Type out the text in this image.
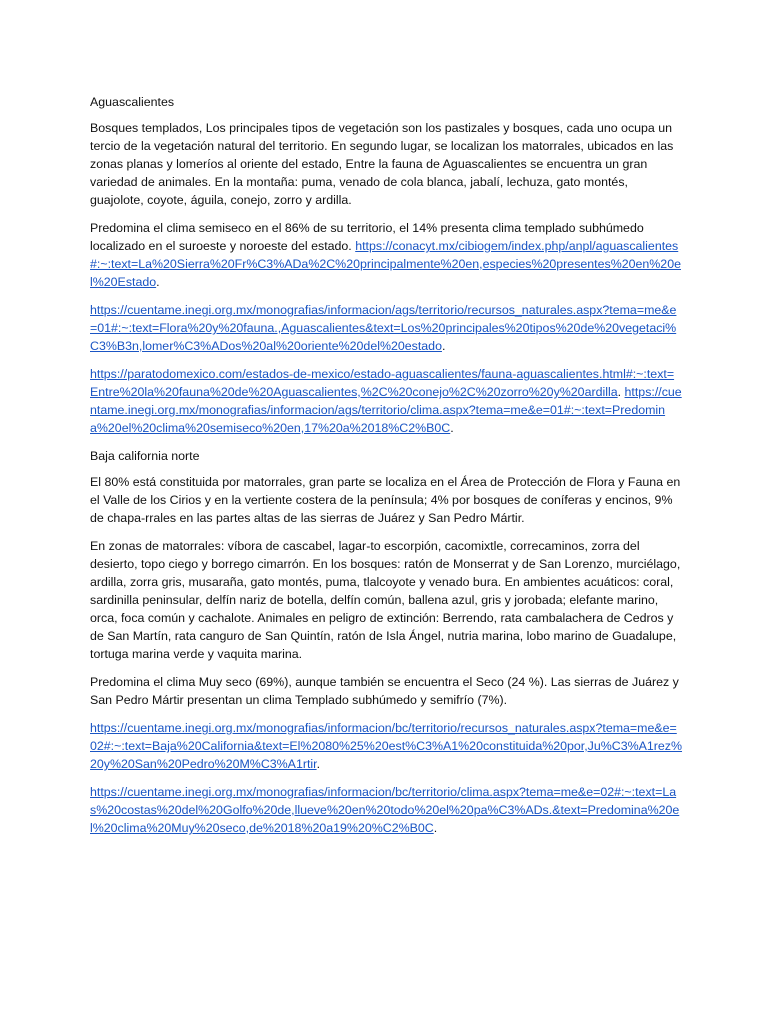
Aguascalientes

Bosques templados, Los principales tipos de vegetación son los pastizales y bosques, cada uno ocupa un tercio de la vegetación natural del territorio. En segundo lugar, se localizan los matorrales, ubicados en las zonas planas y lomeríos al oriente del estado, Entre la fauna de Aguascalientes se encuentra un gran variedad de animales. En la montaña: puma, venado de cola blanca, jabalí, lechuza, gato montés, guajolote, coyote, águila, conejo, zorro y ardilla.

Predomina el clima semiseco en el 86% de su territorio, el 14% presenta clima templado subhúmedo localizado en el suroeste y noroeste del estado. https://conacyt.mx/cibiogem/index.php/anpl/aguascalientes#:~:text=La%20Sierra%20Fr%C3%ADa%2C%20principalmente%20en,especies%20presentes%20en%20el%20Estado.

https://cuentame.inegi.org.mx/monografias/informacion/ags/territorio/recursos_naturales.aspx?tema=me&e=01#:~:text=Flora%20y%20fauna.,Aguascalientes&text=Los%20principales%20tipos%20de%20vegetaci%C3%B3n,lomer%C3%ADos%20al%20oriente%20del%20estado.

https://paratodomexico.com/estados-de-mexico/estado-aguascalientes/fauna-aguascalientes.html#:~:text=Entre%20la%20fauna%20de%20Aguascalientes,%2C%20conejo%2C%20zorro%20y%20ardilla. https://cuentame.inegi.org.mx/monografias/informacion/ags/territorio/clima.aspx?tema=me&e=01#:~:text=Predomina%20el%20clima%20semiseco%20en,17%20a%2018%C2%B0C.

Baja california norte

El 80% está constituida por matorrales, gran parte se localiza en el Área de Protección de Flora y Fauna en el Valle de los Cirios y en la vertiente costera de la península; 4% por bosques de coníferas y encinos, 9% de chapa-rrales en las partes altas de las sierras de Juárez y San Pedro Mártir.

En zonas de matorrales: víbora de cascabel, lagar-to escorpión, cacomixtle, correcaminos, zorra del desierto, topo ciego y borrego cimarrón. En los bosques: ratón de Monserrat y de San Lorenzo, murciélago, ardilla, zorra gris, musaraña, gato montés, puma, tlalcoyote y venado bura. En ambientes acuáticos: coral, sardinilla peninsular, delfín nariz de botella, delfín común, ballena azul, gris y jorobada; elefante marino, orca, foca común y cachalote. Animales en peligro de extinción: Berrendo, rata cambalachera de Cedros y de San Martín, rata canguro de San Quintín, ratón de Isla Ángel, nutria marina, lobo marino de Guadalupe, tortuga marina verde y vaquita marina.

Predomina el clima Muy seco (69%), aunque también se encuentra el Seco (24 %). Las sierras de Juárez y San Pedro Mártir presentan un clima Templado subhúmedo y semifrío (7%).

https://cuentame.inegi.org.mx/monografias/informacion/bc/territorio/recursos_naturales.aspx?tema=me&e=02#:~:text=Baja%20California&text=El%2080%25%20est%C3%A1%20constituida%20por,Ju%C3%A1rez%20y%20San%20Pedro%20M%C3%A1rtir.

https://cuentame.inegi.org.mx/monografias/informacion/bc/territorio/clima.aspx?tema=me&e=02#:~:text=Las%20costas%20del%20Golfo%20de,llueve%20en%20todo%20el%20pa%C3%ADs.&text=Predomina%20el%20clima%20Muy%20seco,de%2018%20a19%20%C2%B0C.
